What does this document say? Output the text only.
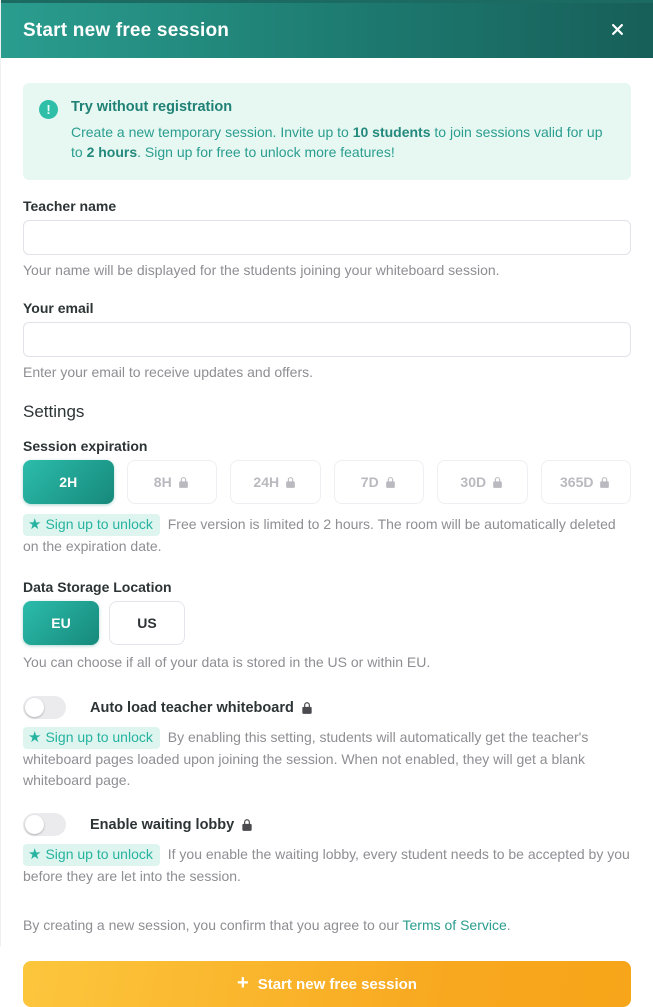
Start new free session
!	Try without registration
Create a new temporary session. Invite up to 10 students to join sessions valid for up to 2 hours. Sign up for free to unlock more features!
Teacher name
Your name will be displayed for the students joining your whiteboard session.
Your email
Enter your email to receive updates and offers.
Settings
Session expiration
2H	8H	24H	7D	30D	365D
★ Sign up to unlock Free version is limited to 2 hours. The room will be automatically deleted on the expiration date.
Data Storage Location
EU	US
You can choose if all of your data is stored in the US or within EU.
Auto load teacher whiteboard
★ Sign up to unlock By enabling this setting, students will automatically get the teacher's whiteboard pages loaded upon joining the session. When not enabled, they will get a blank whiteboard page.
Enable waiting lobby
★ Sign up to unlock If you enable the waiting lobby, every student needs to be accepted by you before they are let into the session.
By creating a new session, you confirm that you agree to our Terms of Service.
+ Start new free session
